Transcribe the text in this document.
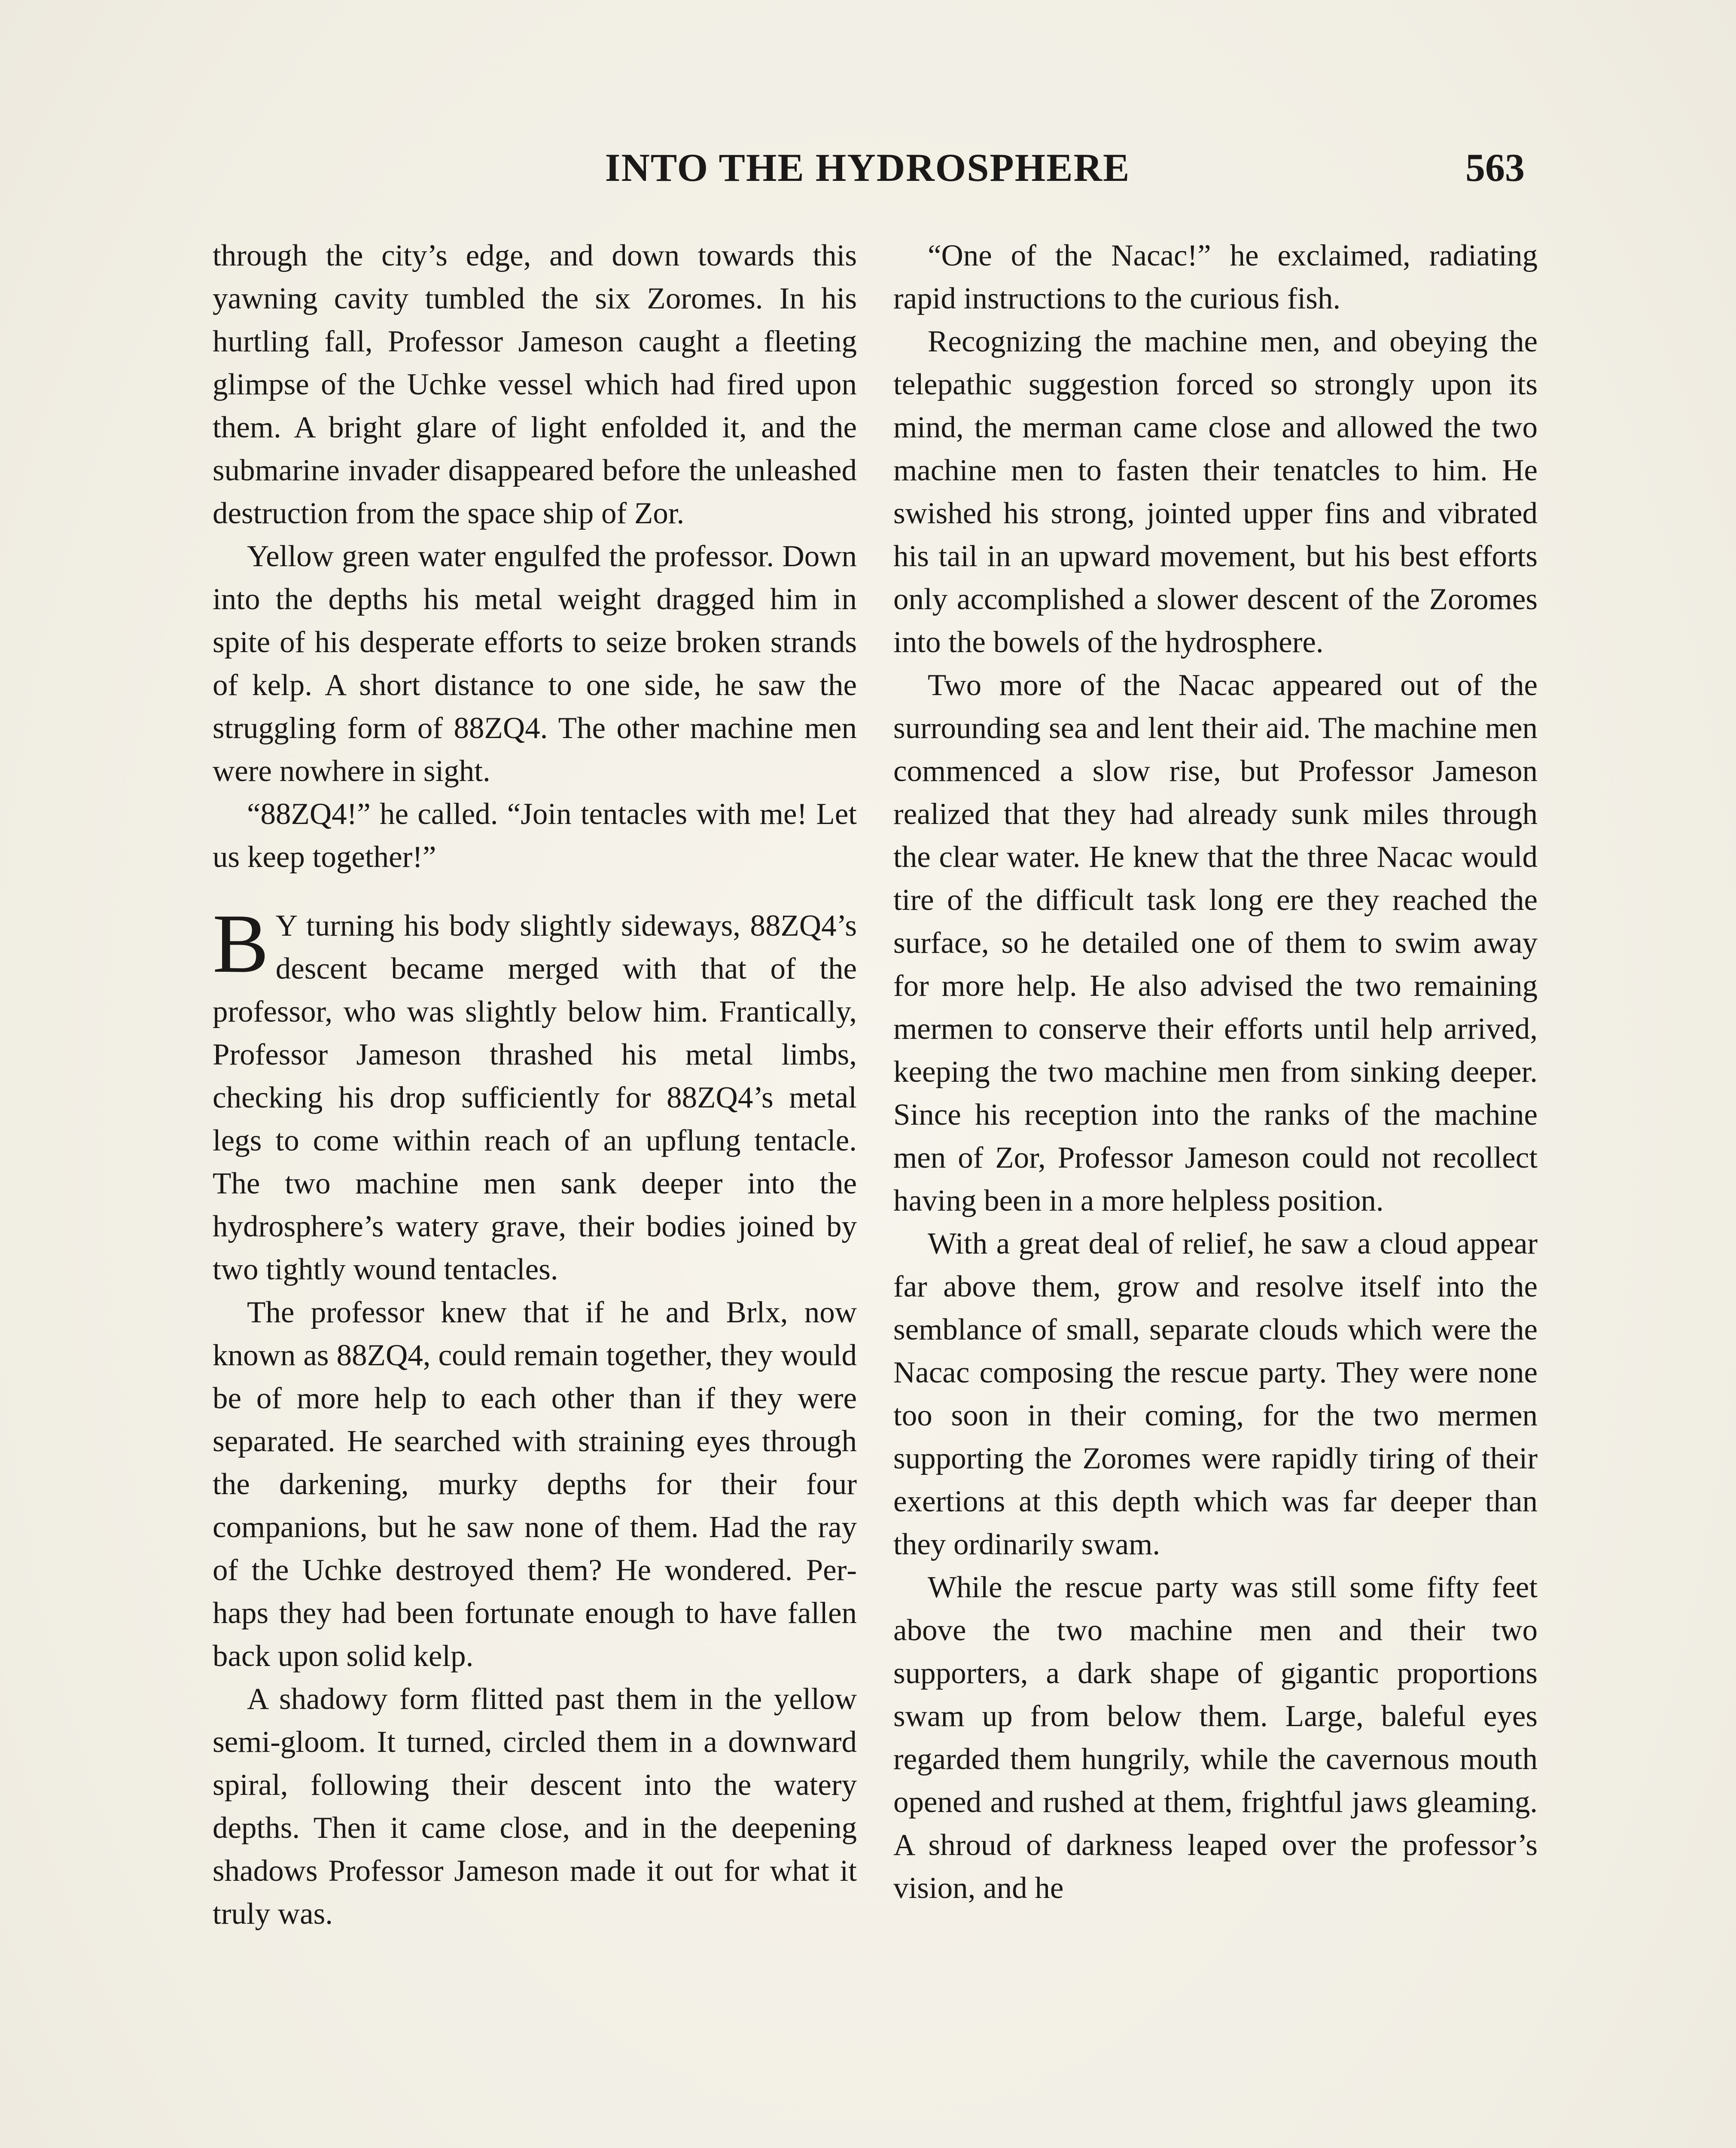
INTO THE HYDROSPHERE	563

through the city’s edge, and down towards this yawning cavity tumbled the six Zoromes. In his hurtling fall, Professor Jameson caught a fleeting glimpse of the Uchke vessel which had fired upon them. A bright glare of light enfolded it, and the submarine invader disappeared before the unleashed destruction from the space ship of Zor.

Yellow green water engulfed the professor. Down into the depths his metal weight dragged him in spite of his desperate efforts to seize broken strands of kelp. A short distance to one side, he saw the struggling form of 88ZQ4. The other machine men were nowhere in sight.

“88ZQ4!” he called. “Join tentacles with me! Let us keep together!”

B Y turning his body slightly sideways, 88ZQ4’s descent became merged with that of the professor, who was slightly below him. Frantically, Professor Jameson thrashed his metal limbs, checking his drop sufficiently for 88ZQ4’s metal legs to come within reach of an upflung tentacle. The two machine men sank deeper into the hydrosphere’s watery grave, their bodies joined by two tightly wound tentacles.

The professor knew that if he and Brlx, now known as 88ZQ4, could remain together, they would be of more help to each other than if they were separated. He searched with straining eyes through the darkening, murky depths for their four companions, but he saw none of them. Had the ray of the Uchke destroyed them? He wondered. Perhaps they had been fortunate enough to have fallen back upon solid kelp.

A shadowy form flitted past them in the yellow semi-gloom. It turned, circled them in a downward spiral, following their descent into the watery depths. Then it came close, and in the deepening shadows Professor Jameson made it out for what it truly was.

“One of the Nacac!” he exclaimed, radiating rapid instructions to the curious fish.

Recognizing the machine men, and obeying the telepathic suggestion forced so strongly upon its mind, the merman came close and allowed the two machine men to fasten their tenatcles to him. He swished his strong, jointed upper fins and vibrated his tail in an upward movement, but his best efforts only accomplished a slower descent of the Zoromes into the bowels of the hydrosphere.

Two more of the Nacac appeared out of the surrounding sea and lent their aid. The machine men commenced a slow rise, but Professor Jameson realized that they had already sunk miles through the clear water. He knew that the three Nacac would tire of the difficult task long ere they reached the surface, so he detailed one of them to swim away for more help. He also advised the two remaining mermen to conserve their efforts until help arrived, keeping the two machine men from sinking deeper. Since his reception into the ranks of the machine men of Zor, Professor Jameson could not recollect having been in a more helpless position.

With a great deal of relief, he saw a cloud appear far above them, grow and resolve itself into the semblance of small, separate clouds which were the Nacac composing the rescue party. They were none too soon in their coming, for the two mermen supporting the Zoromes were rapidly tiring of their exertions at this depth which was far deeper than they ordinarily swam.

While the rescue party was still some fifty feet above the two machine men and their two supporters, a dark shape of gigantic proportions swam up from below them. Large, baleful eyes regarded them hungrily, while the cavernous mouth opened and rushed at them, frightful jaws gleaming. A shroud of darkness leaped over the professor’s vision, and he
